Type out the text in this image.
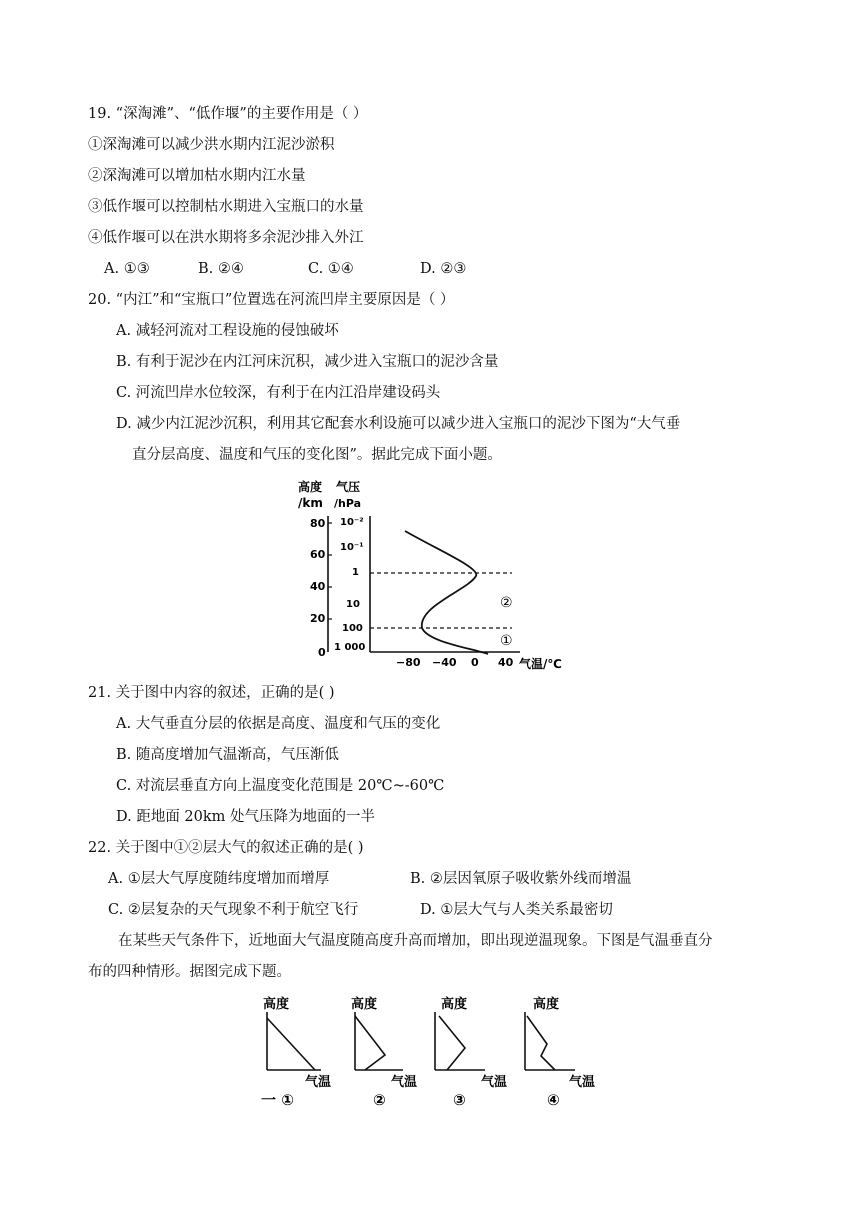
19. “深淘滩”、“低作堰”的主要作用是（ ）
①深淘滩可以减少洪水期内江泥沙淤积
②深淘滩可以增加枯水期内江水量
③低作堰可以控制枯水期进入宝瓶口的水量
④低作堰可以在洪水期将多余泥沙排入外江
A. ①③	B. ②④	C. ①④	D. ②③
20. “内江”和“宝瓶口”位置选在河流凹岸主要原因是（ ）
A. 减轻河流对工程设施的侵蚀破坏
B. 有利于泥沙在内江河床沉积，减少进入宝瓶口的泥沙含量
C. 河流凹岸水位较深，有利于在内江沿岸建设码头
D. 减少内江泥沙沉积，利用其它配套水利设施可以减少进入宝瓶口的泥沙下图为“大气垂
直分层高度、温度和气压的变化图”。据此完成下面小题。
高度
/km
气压
/hPa
80
60
40
20
0
10⁻²
10⁻¹
1
10
100
1 000
−80 −40 0 40 气温/℃
②
①
21. 关于图中内容的叙述，正确的是( )
A. 大气垂直分层的依据是高度、温度和气压的变化
B. 随高度增加气温渐高，气压渐低
C. 对流层垂直方向上温度变化范围是 20℃~-60℃
D. 距地面 20km 处气压降为地面的一半
22. 关于图中①②层大气的叙述正确的是( )
A. ①层大气厚度随纬度增加而增厚	B. ②层因氧原子吸收紫外线而增温
C. ②层复杂的天气现象不利于航空飞行	D. ①层大气与人类关系最密切
在某些天气条件下，近地面大气温度随高度升高而增加，即出现逆温现象。下图是气温垂直分
布的四种情形。据图完成下题。
高度
气温
一 ①
高度
气温
②
高度
气温
③
高度
气温
④
